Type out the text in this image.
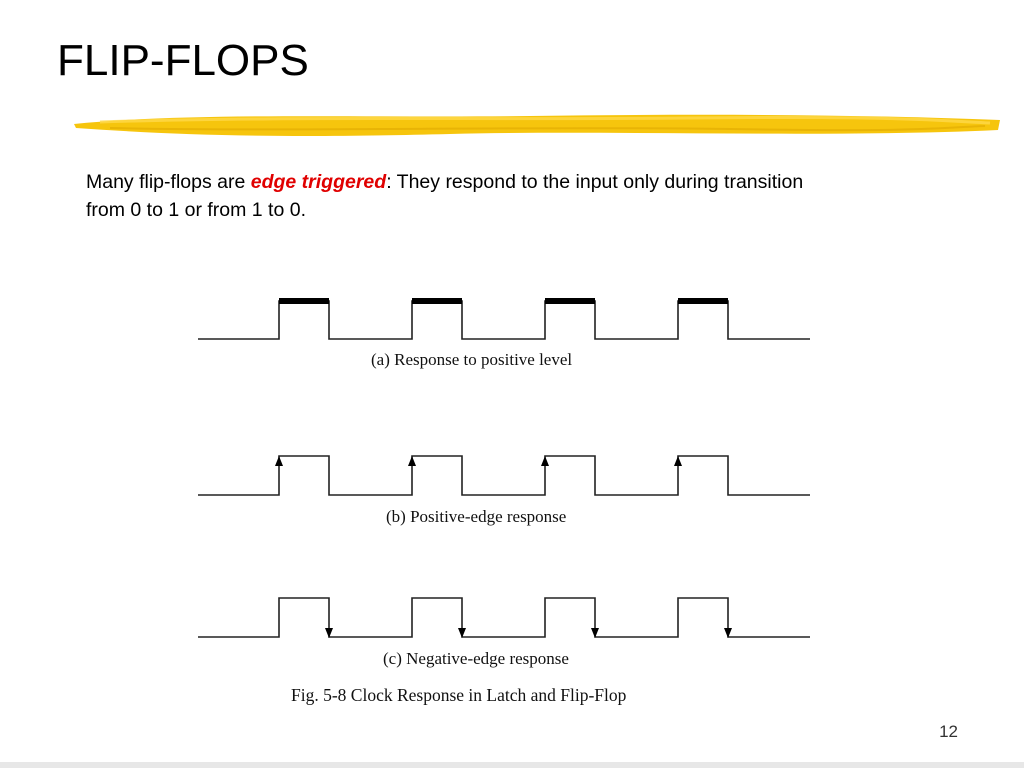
FLIP-FLOPS
Many flip-flops are edge triggered: They respond to the input only during transition from 0 to 1 or from 1 to 0.
(a) Response to positive level
(b) Positive-edge response
(c) Negative-edge response
Fig. 5-8 Clock Response in Latch and Flip-Flop
12
